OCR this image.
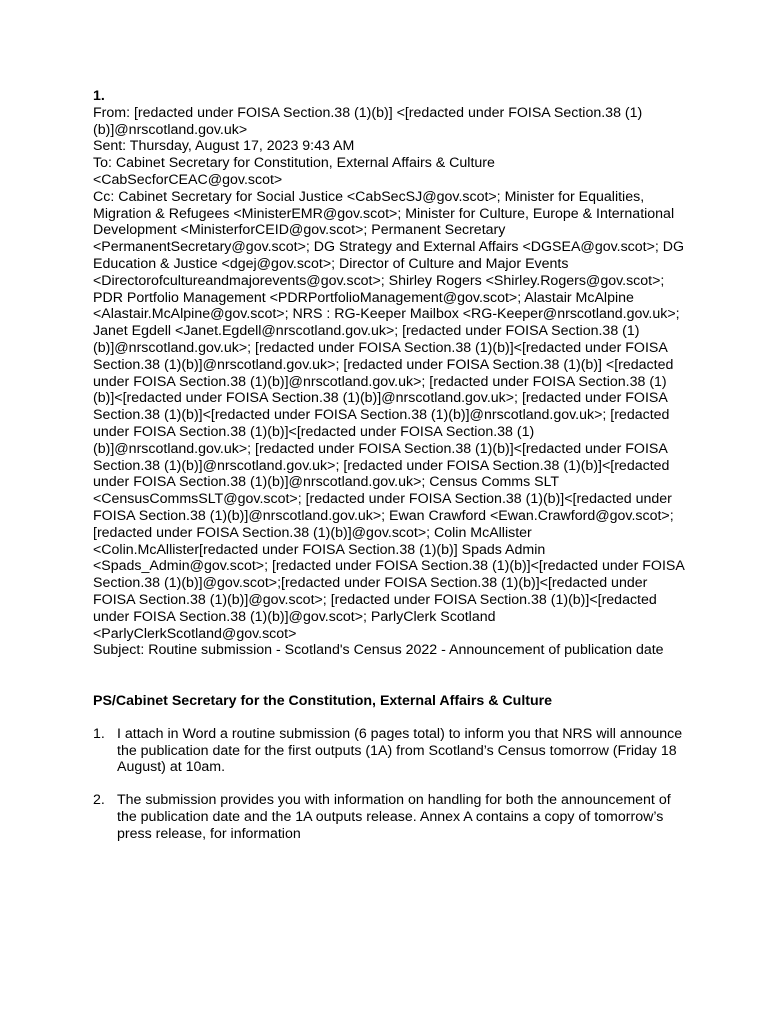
1.
From: [redacted under FOISA Section.38 (1)(b)] <[redacted under FOISA Section.38 (1)(b)]@nrscotland.gov.uk>
Sent: Thursday, August 17, 2023 9:43 AM
To: Cabinet Secretary for Constitution, External Affairs & Culture <CabSecforCEAC@gov.scot>
Cc: Cabinet Secretary for Social Justice <CabSecSJ@gov.scot>; Minister for Equalities, Migration & Refugees <MinisterEMR@gov.scot>; Minister for Culture, Europe & International Development <MinisterforCEID@gov.scot>; Permanent Secretary <PermanentSecretary@gov.scot>; DG Strategy and External Affairs <DGSEA@gov.scot>; DG Education & Justice <dgej@gov.scot>; Director of Culture and Major Events <Directorofcultureandmajorevents@gov.scot>; Shirley Rogers <Shirley.Rogers@gov.scot>; PDR Portfolio Management <PDRPortfolioManagement@gov.scot>; Alastair McAlpine <Alastair.McAlpine@gov.scot>; NRS : RG-Keeper Mailbox <RG-Keeper@nrscotland.gov.uk>; Janet Egdell <Janet.Egdell@nrscotland.gov.uk>; [redacted under FOISA Section.38 (1)(b)]@nrscotland.gov.uk>; [redacted under FOISA Section.38 (1)(b)]<[redacted under FOISA Section.38 (1)(b)]@nrscotland.gov.uk>; [redacted under FOISA Section.38 (1)(b)] <[redacted under FOISA Section.38 (1)(b)]@nrscotland.gov.uk>; [redacted under FOISA Section.38 (1)(b)]<[redacted under FOISA Section.38 (1)(b)]@nrscotland.gov.uk>; [redacted under FOISA Section.38 (1)(b)]<[redacted under FOISA Section.38 (1)(b)]@nrscotland.gov.uk>; [redacted under FOISA Section.38 (1)(b)]<[redacted under FOISA Section.38 (1)(b)]@nrscotland.gov.uk>; [redacted under FOISA Section.38 (1)(b)]<[redacted under FOISA Section.38 (1)(b)]@nrscotland.gov.uk>; [redacted under FOISA Section.38 (1)(b)]<[redacted under FOISA Section.38 (1)(b)]@nrscotland.gov.uk>; Census Comms SLT <CensusCommsSLT@gov.scot>; [redacted under FOISA Section.38 (1)(b)]<[redacted under FOISA Section.38 (1)(b)]@nrscotland.gov.uk>; Ewan Crawford <Ewan.Crawford@gov.scot>; [redacted under FOISA Section.38 (1)(b)]@gov.scot>; Colin McAllister <Colin.McAllister[redacted under FOISA Section.38 (1)(b)] Spads Admin <Spads_Admin@gov.scot>; [redacted under FOISA Section.38 (1)(b)]<[redacted under FOISA Section.38 (1)(b)]@gov.scot>;[redacted under FOISA Section.38 (1)(b)]<[redacted under FOISA Section.38 (1)(b)]@gov.scot>; [redacted under FOISA Section.38 (1)(b)]<[redacted under FOISA Section.38 (1)(b)]@gov.scot>; ParlyClerk Scotland <ParlyClerkScotland@gov.scot>
Subject: Routine submission - Scotland's Census 2022 - Announcement of publication date
PS/Cabinet Secretary for the Constitution, External Affairs & Culture
1. I attach in Word a routine submission (6 pages total) to inform you that NRS will announce the publication date for the first outputs (1A) from Scotland’s Census tomorrow (Friday 18 August) at 10am.
2. The submission provides you with information on handling for both the announcement of the publication date and the 1A outputs release. Annex A contains a copy of tomorrow’s press release, for information
